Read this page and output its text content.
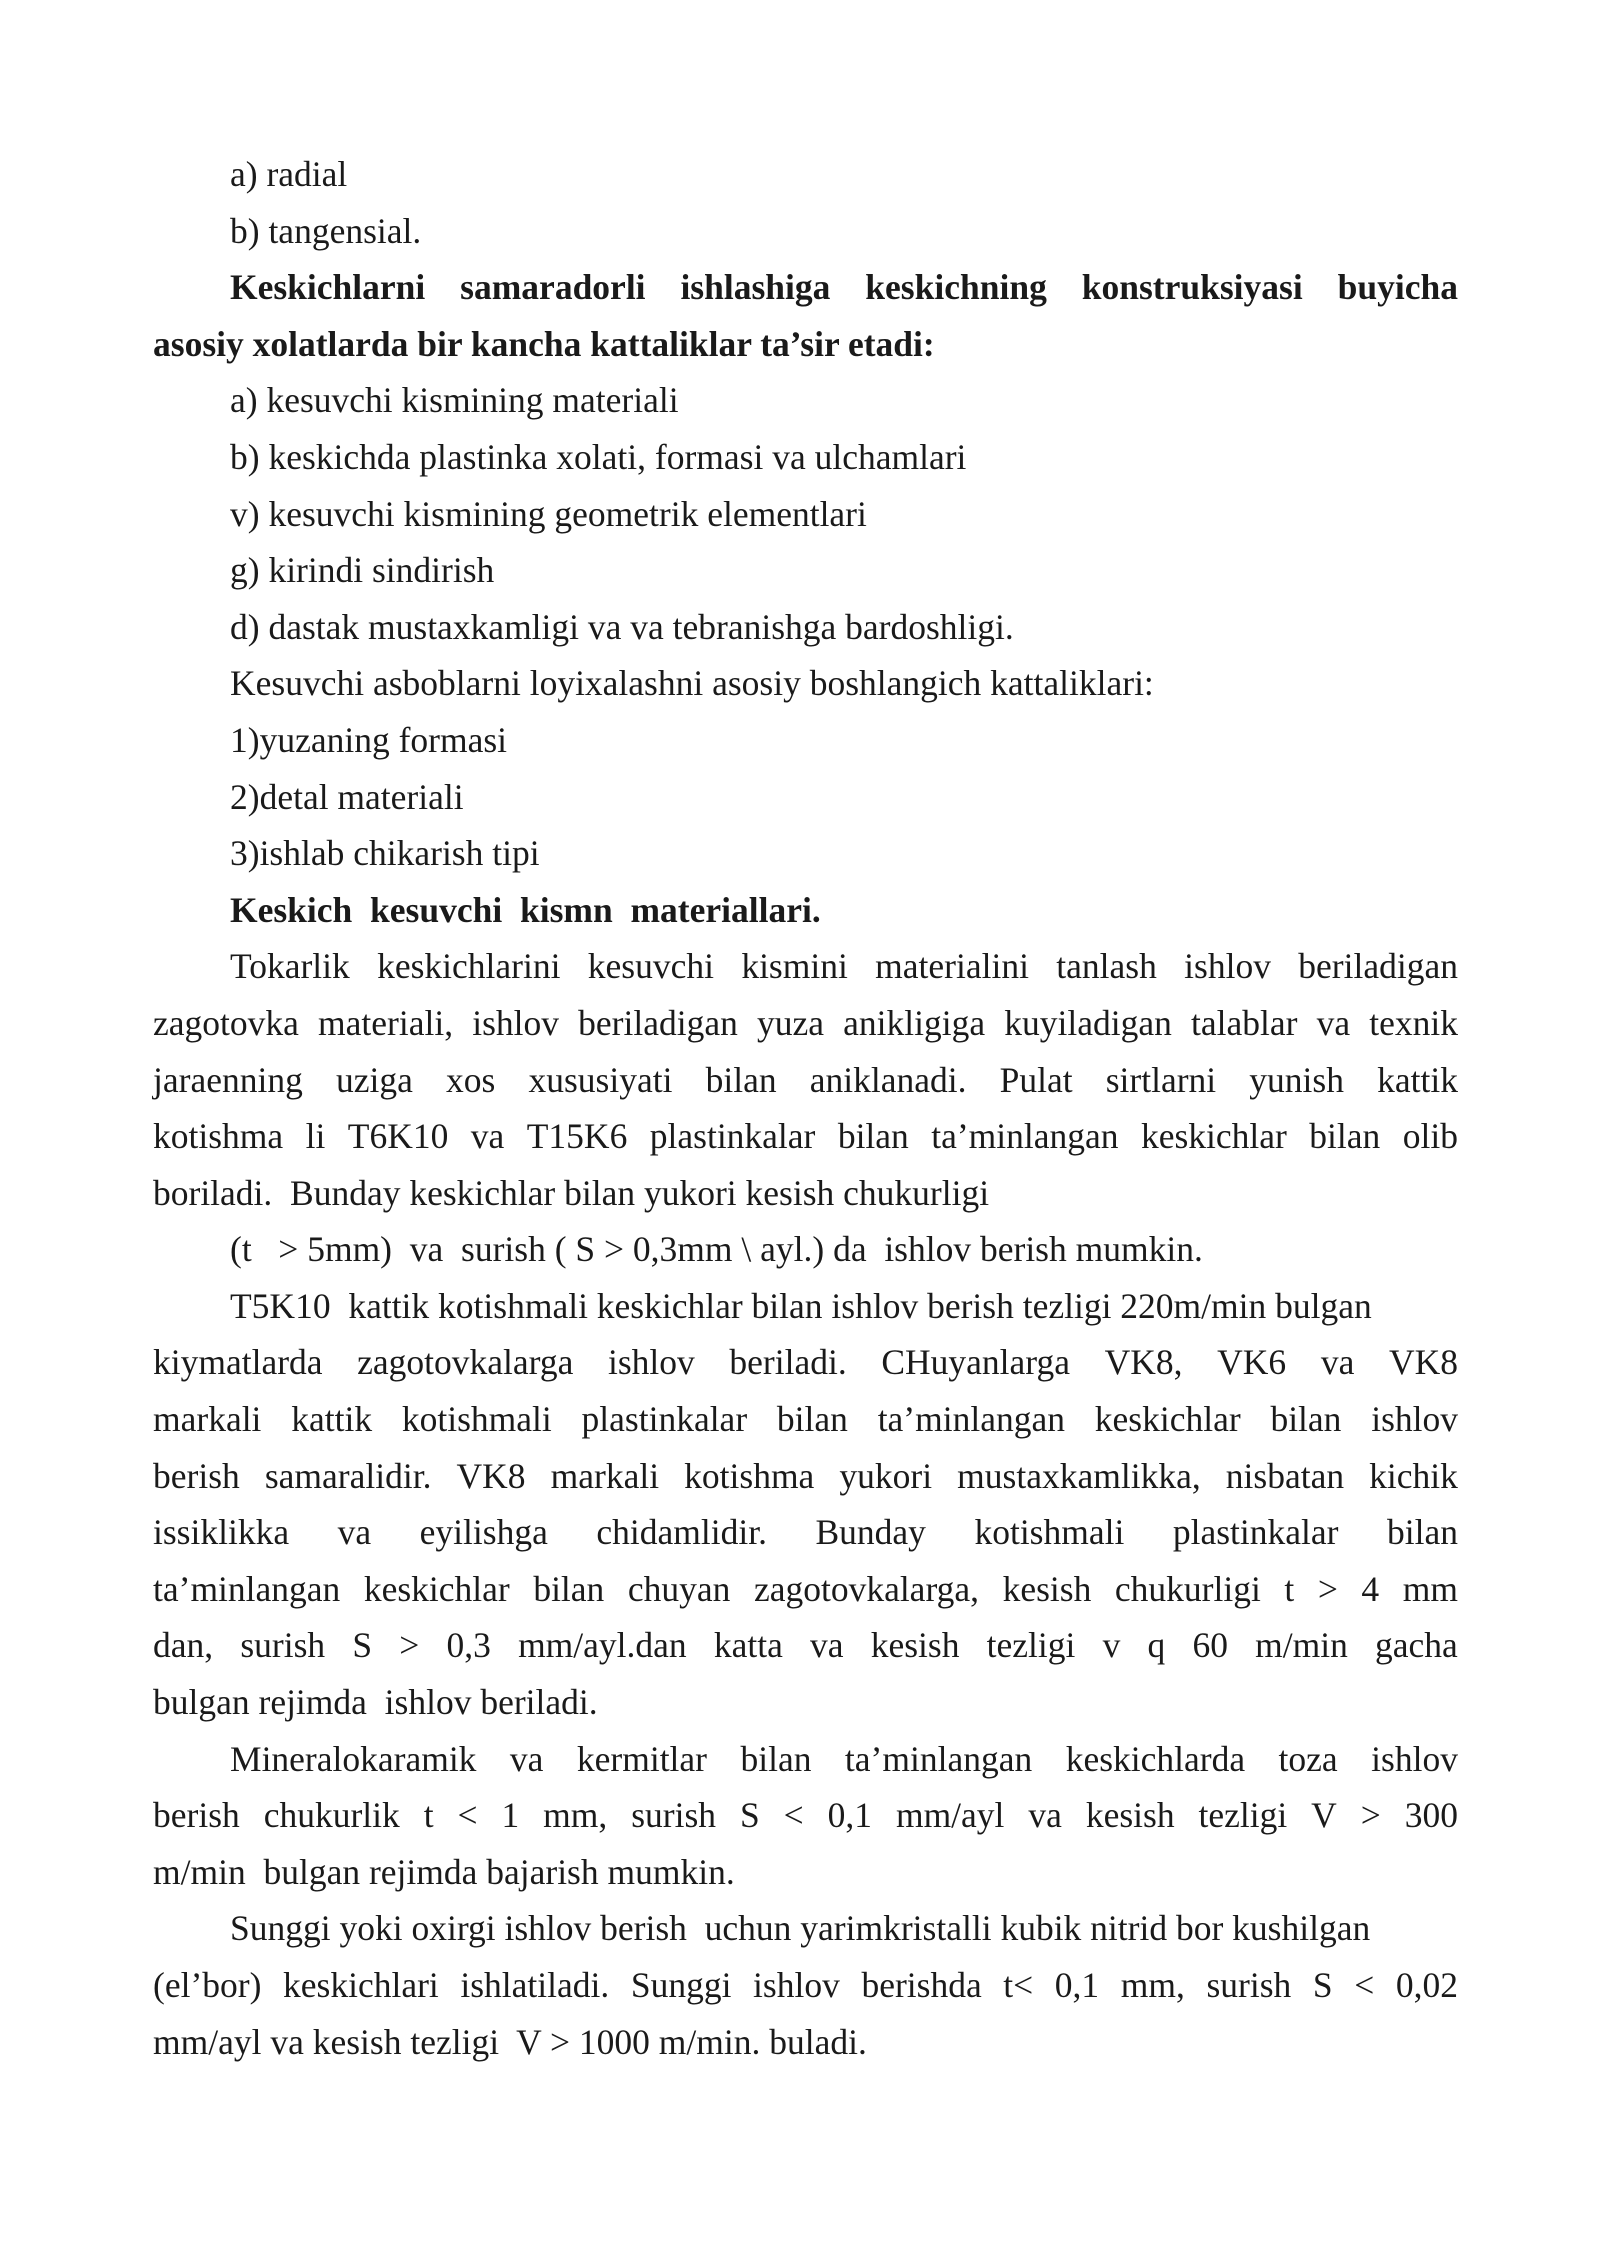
a) radial
b) tangensial.
Keskichlarni samaradorli ishlashiga keskichning konstruksiyasi buyicha
asosiy xolatlarda bir kancha kattaliklar ta’sir etadi:
a) kesuvchi kismining materiali
b) keskichda plastinka xolati, formasi va ulchamlari
v) kesuvchi kismining geometrik elementlari
g) kirindi sindirish
d) dastak mustaxkamligi va va tebranishga bardoshligi.
Kesuvchi asboblarni loyixalashni asosiy boshlangich kattaliklari:
1)yuzaning formasi
2)detal materiali
3)ishlab chikarish tipi
Keskich  kesuvchi  kismn  materiallari.
Tokarlik keskichlarini kesuvchi kismini materialini tanlash ishlov beriladigan
zagotovka materiali, ishlov beriladigan yuza anikligiga kuyiladigan talablar va texnik
jaraenning uziga xos xususiyati bilan aniklanadi. Pulat sirtlarni yunish kattik
kotishma li T6K10 va T15K6 plastinkalar bilan ta’minlangan keskichlar bilan olib
boriladi.  Bunday keskichlar bilan yukori kesish chukurligi
(t   > 5mm)  va  surish ( S > 0,3mm \ ayl.) da  ishlov berish mumkin.
T5K10  kattik kotishmali keskichlar bilan ishlov berish tezligi 220m/min bulgan
kiymatlarda zagotovkalarga ishlov beriladi. CHuyanlarga VK8, VK6 va VK8
markali kattik kotishmali plastinkalar bilan ta’minlangan keskichlar bilan ishlov
berish samaralidir. VK8 markali kotishma yukori mustaxkamlikka, nisbatan kichik
issiklikka va eyilishga chidamlidir. Bunday kotishmali plastinkalar bilan
ta’minlangan keskichlar bilan chuyan zagotovkalarga, kesish chukurligi t > 4 mm
dan, surish S > 0,3 mm/ayl.dan katta va kesish tezligi v q 60 m/min gacha
bulgan rejimda  ishlov beriladi.
Mineralokaramik va kermitlar bilan ta’minlangan keskichlarda toza ishlov
berish chukurlik t < 1 mm, surish S < 0,1 mm/ayl va kesish tezligi V > 300
m/min  bulgan rejimda bajarish mumkin.
Sunggi yoki oxirgi ishlov berish  uchun yarimkristalli kubik nitrid bor kushilgan
(el’bor) keskichlari ishlatiladi. Sunggi ishlov berishda t< 0,1 mm, surish S < 0,02
mm/ayl va kesish tezligi  V > 1000 m/min. buladi.
